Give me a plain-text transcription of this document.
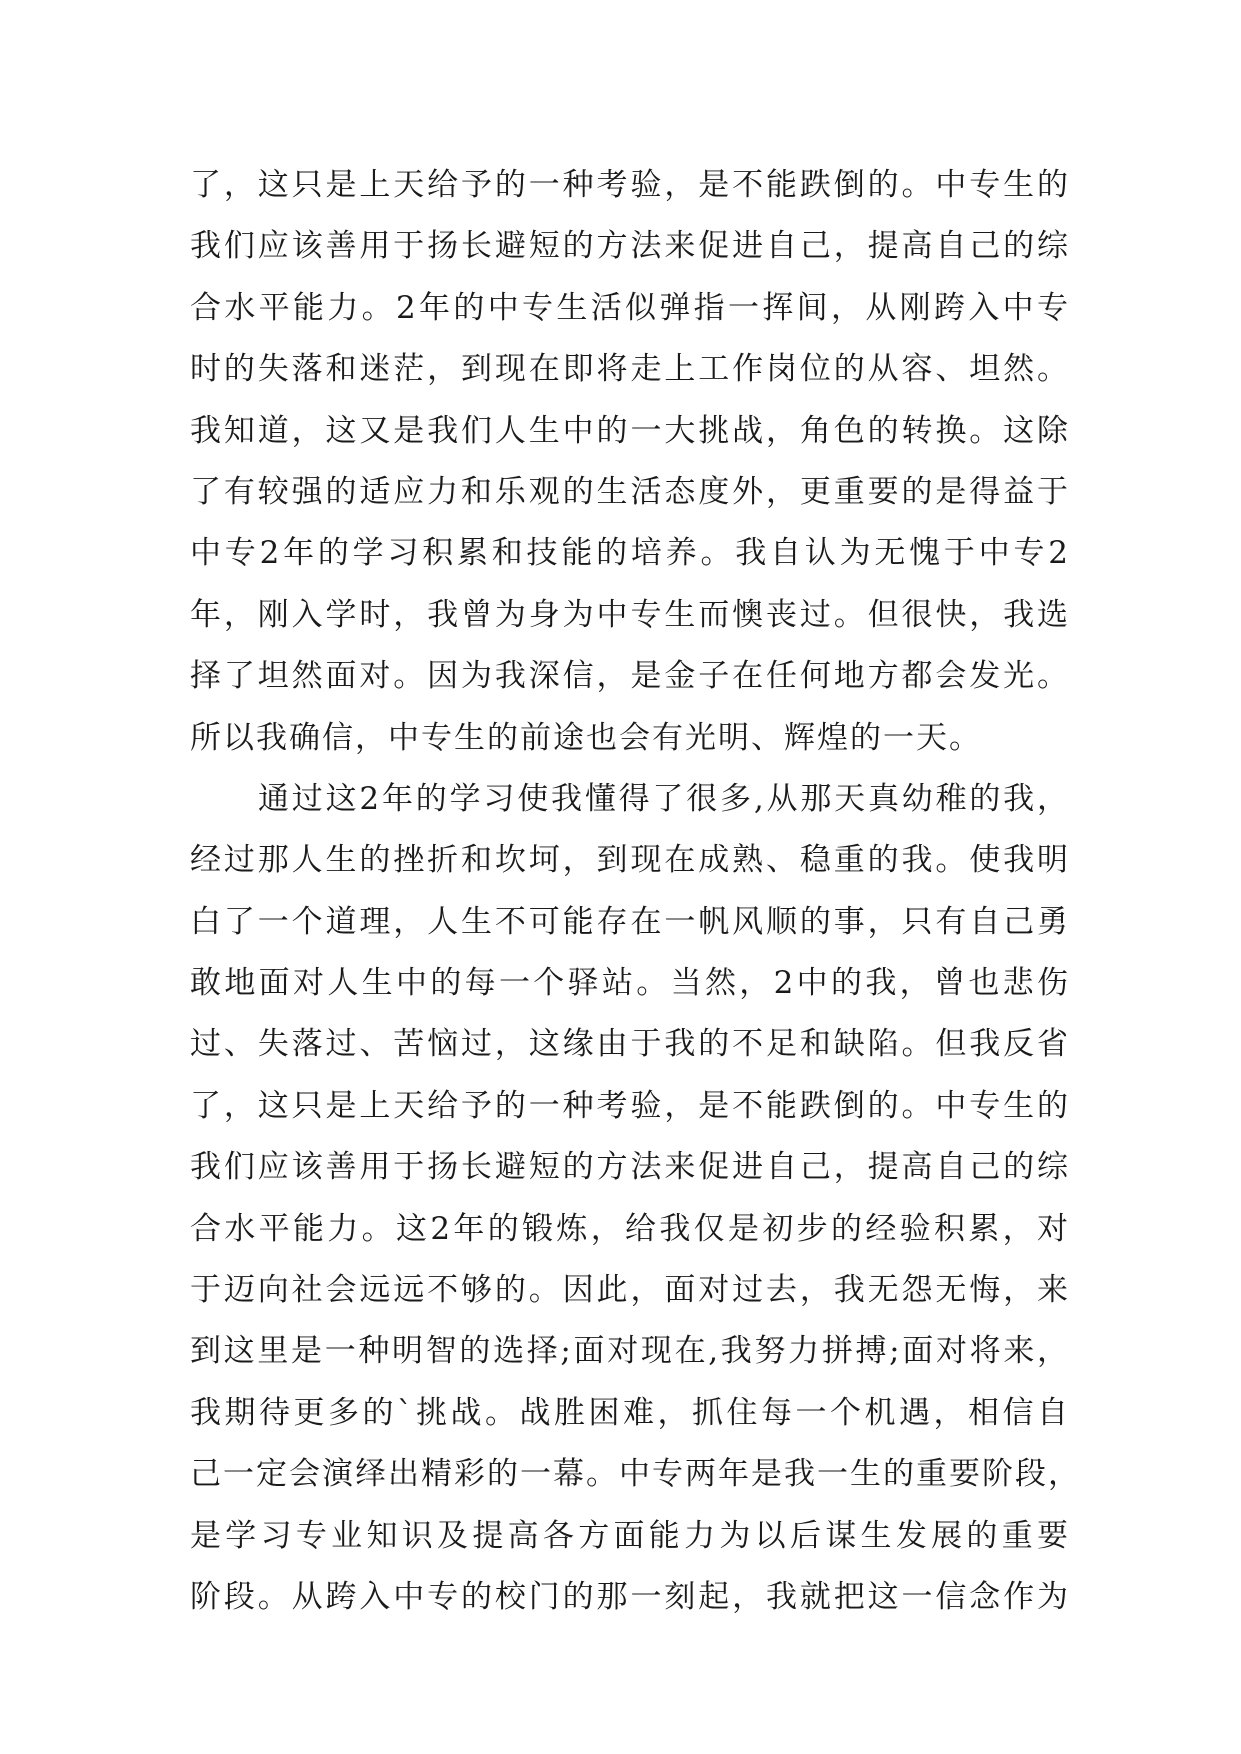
了，这只是上天给予的一种考验，是不能跌倒的。中专生的
我们应该善用于扬长避短的方法来促进自己，提高自己的综
合水平能力。2年的中专生活似弹指一挥间，从刚跨入中专
时的失落和迷茫，到现在即将走上工作岗位的从容、坦然。
我知道，这又是我们人生中的一大挑战，角色的转换。这除
了有较强的适应力和乐观的生活态度外，更重要的是得益于
中专2年的学习积累和技能的培养。我自认为无愧于中专2
年，刚入学时，我曾为身为中专生而懊丧过。但很快，我选
择了坦然面对。因为我深信，是金子在任何地方都会发光。
所以我确信，中专生的前途也会有光明、辉煌的一天。
通过这2年的学习使我懂得了很多,从那天真幼稚的我，
经过那人生的挫折和坎坷，到现在成熟、稳重的我。使我明
白了一个道理，人生不可能存在一帆风顺的事，只有自己勇
敢地面对人生中的每一个驿站。当然，2中的我，曾也悲伤
过、失落过、苦恼过，这缘由于我的不足和缺陷。但我反省
了，这只是上天给予的一种考验，是不能跌倒的。中专生的
我们应该善用于扬长避短的方法来促进自己，提高自己的综
合水平能力。这2年的锻炼，给我仅是初步的经验积累，对
于迈向社会远远不够的。因此，面对过去，我无怨无悔，来
到这里是一种明智的选择;面对现在,我努力拼搏;面对将来，
我期待更多的`挑战。战胜困难，抓住每一个机遇，相信自
己一定会演绎出精彩的一幕。中专两年是我一生的重要阶段，
是学习专业知识及提高各方面能力为以后谋生发展的重要
阶段。从跨入中专的校门的那一刻起，我就把这一信念作为
